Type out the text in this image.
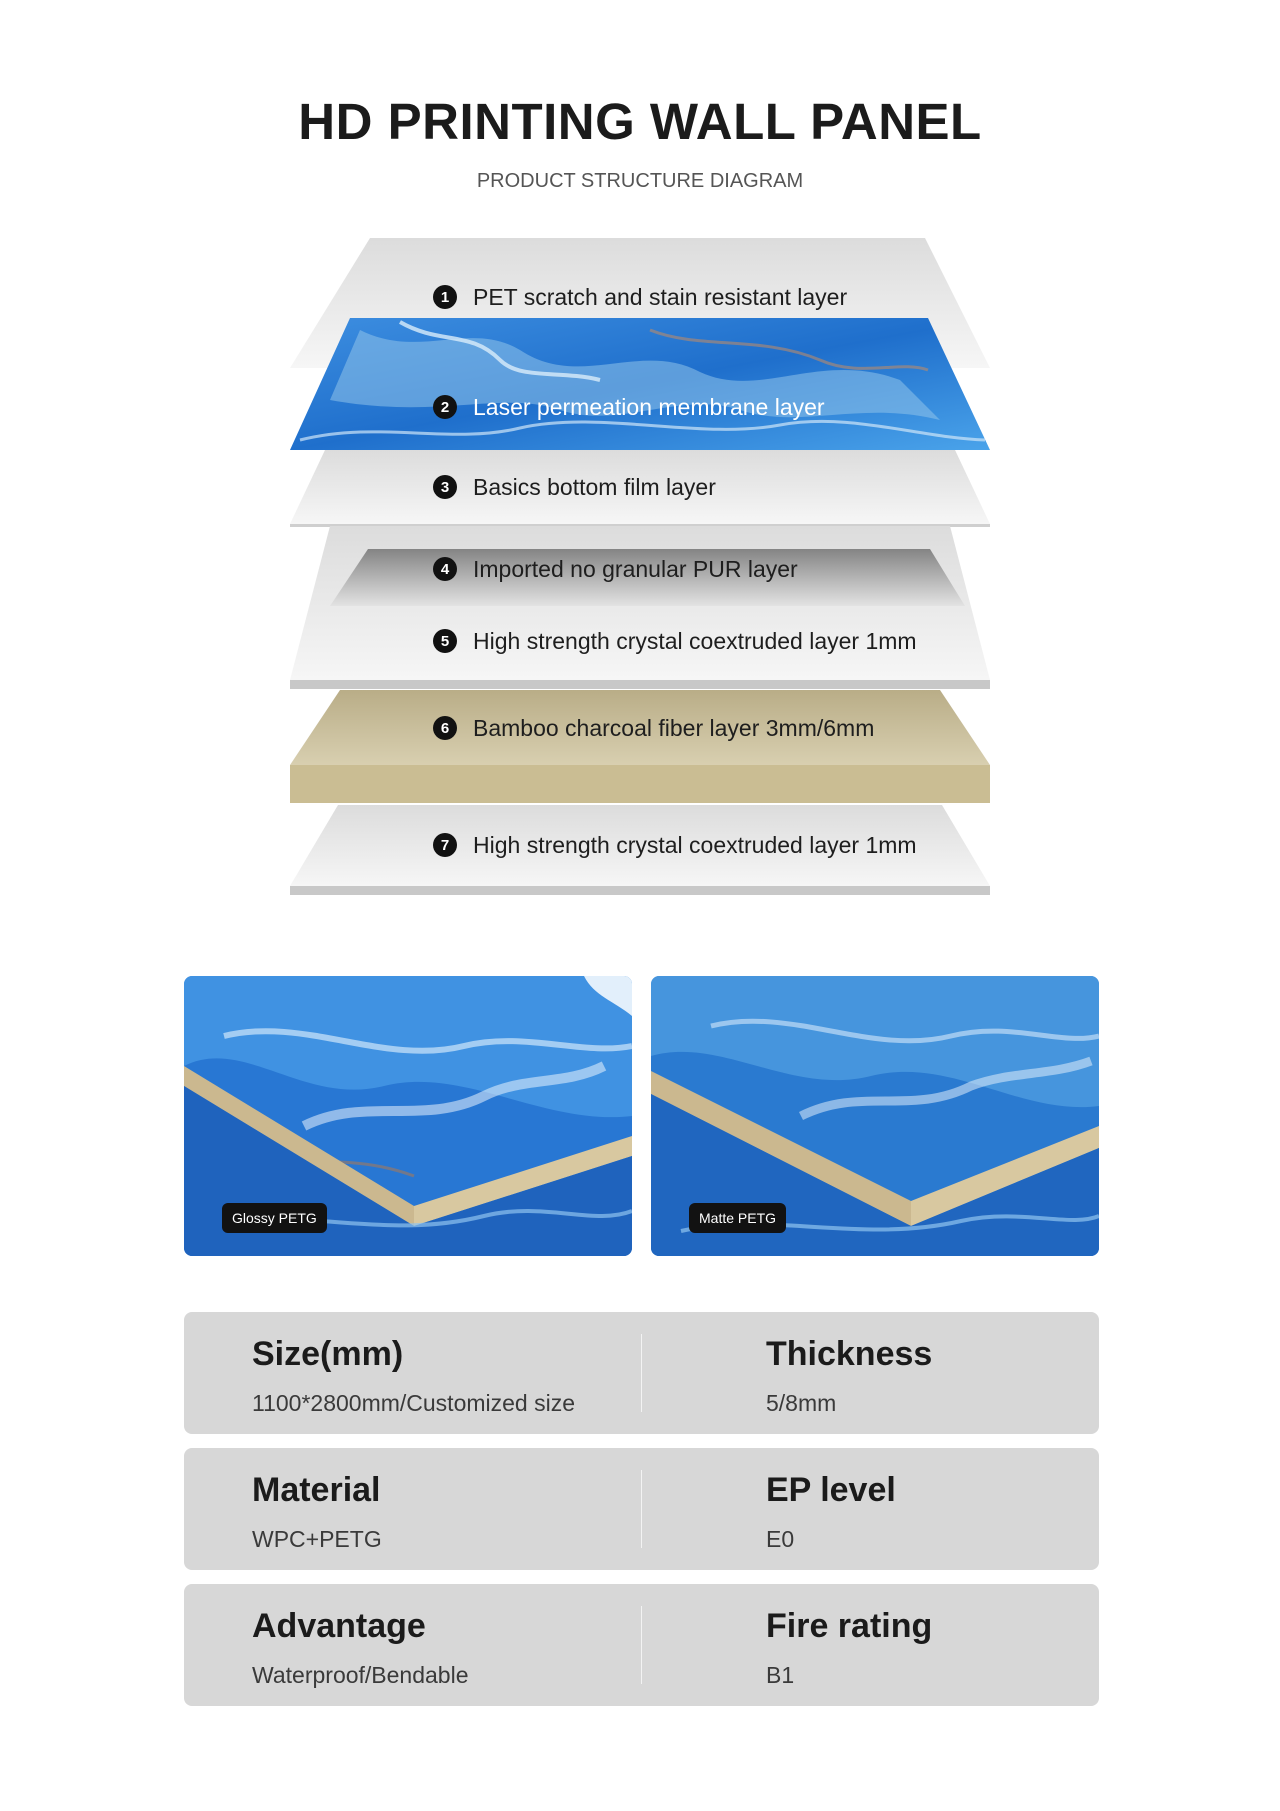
HD PRINTING WALL PANEL

PRODUCT STRUCTURE DIAGRAM

1 PET scratch and stain resistant layer
2 Laser permeation membrane layer
3 Basics bottom film layer
4 Imported no granular PUR layer
5 High strength crystal coextruded layer 1mm
6 Bamboo charcoal fiber layer 3mm/6mm
7 High strength crystal coextruded layer 1mm
Glossy PETG	Matte PETG
Size(mm)
1100*2800mm/Customized size
Thickness
5/8mm
Material
WPC+PETG
EP level
E0
Advantage
Waterproof/Bendable
Fire rating
B1
